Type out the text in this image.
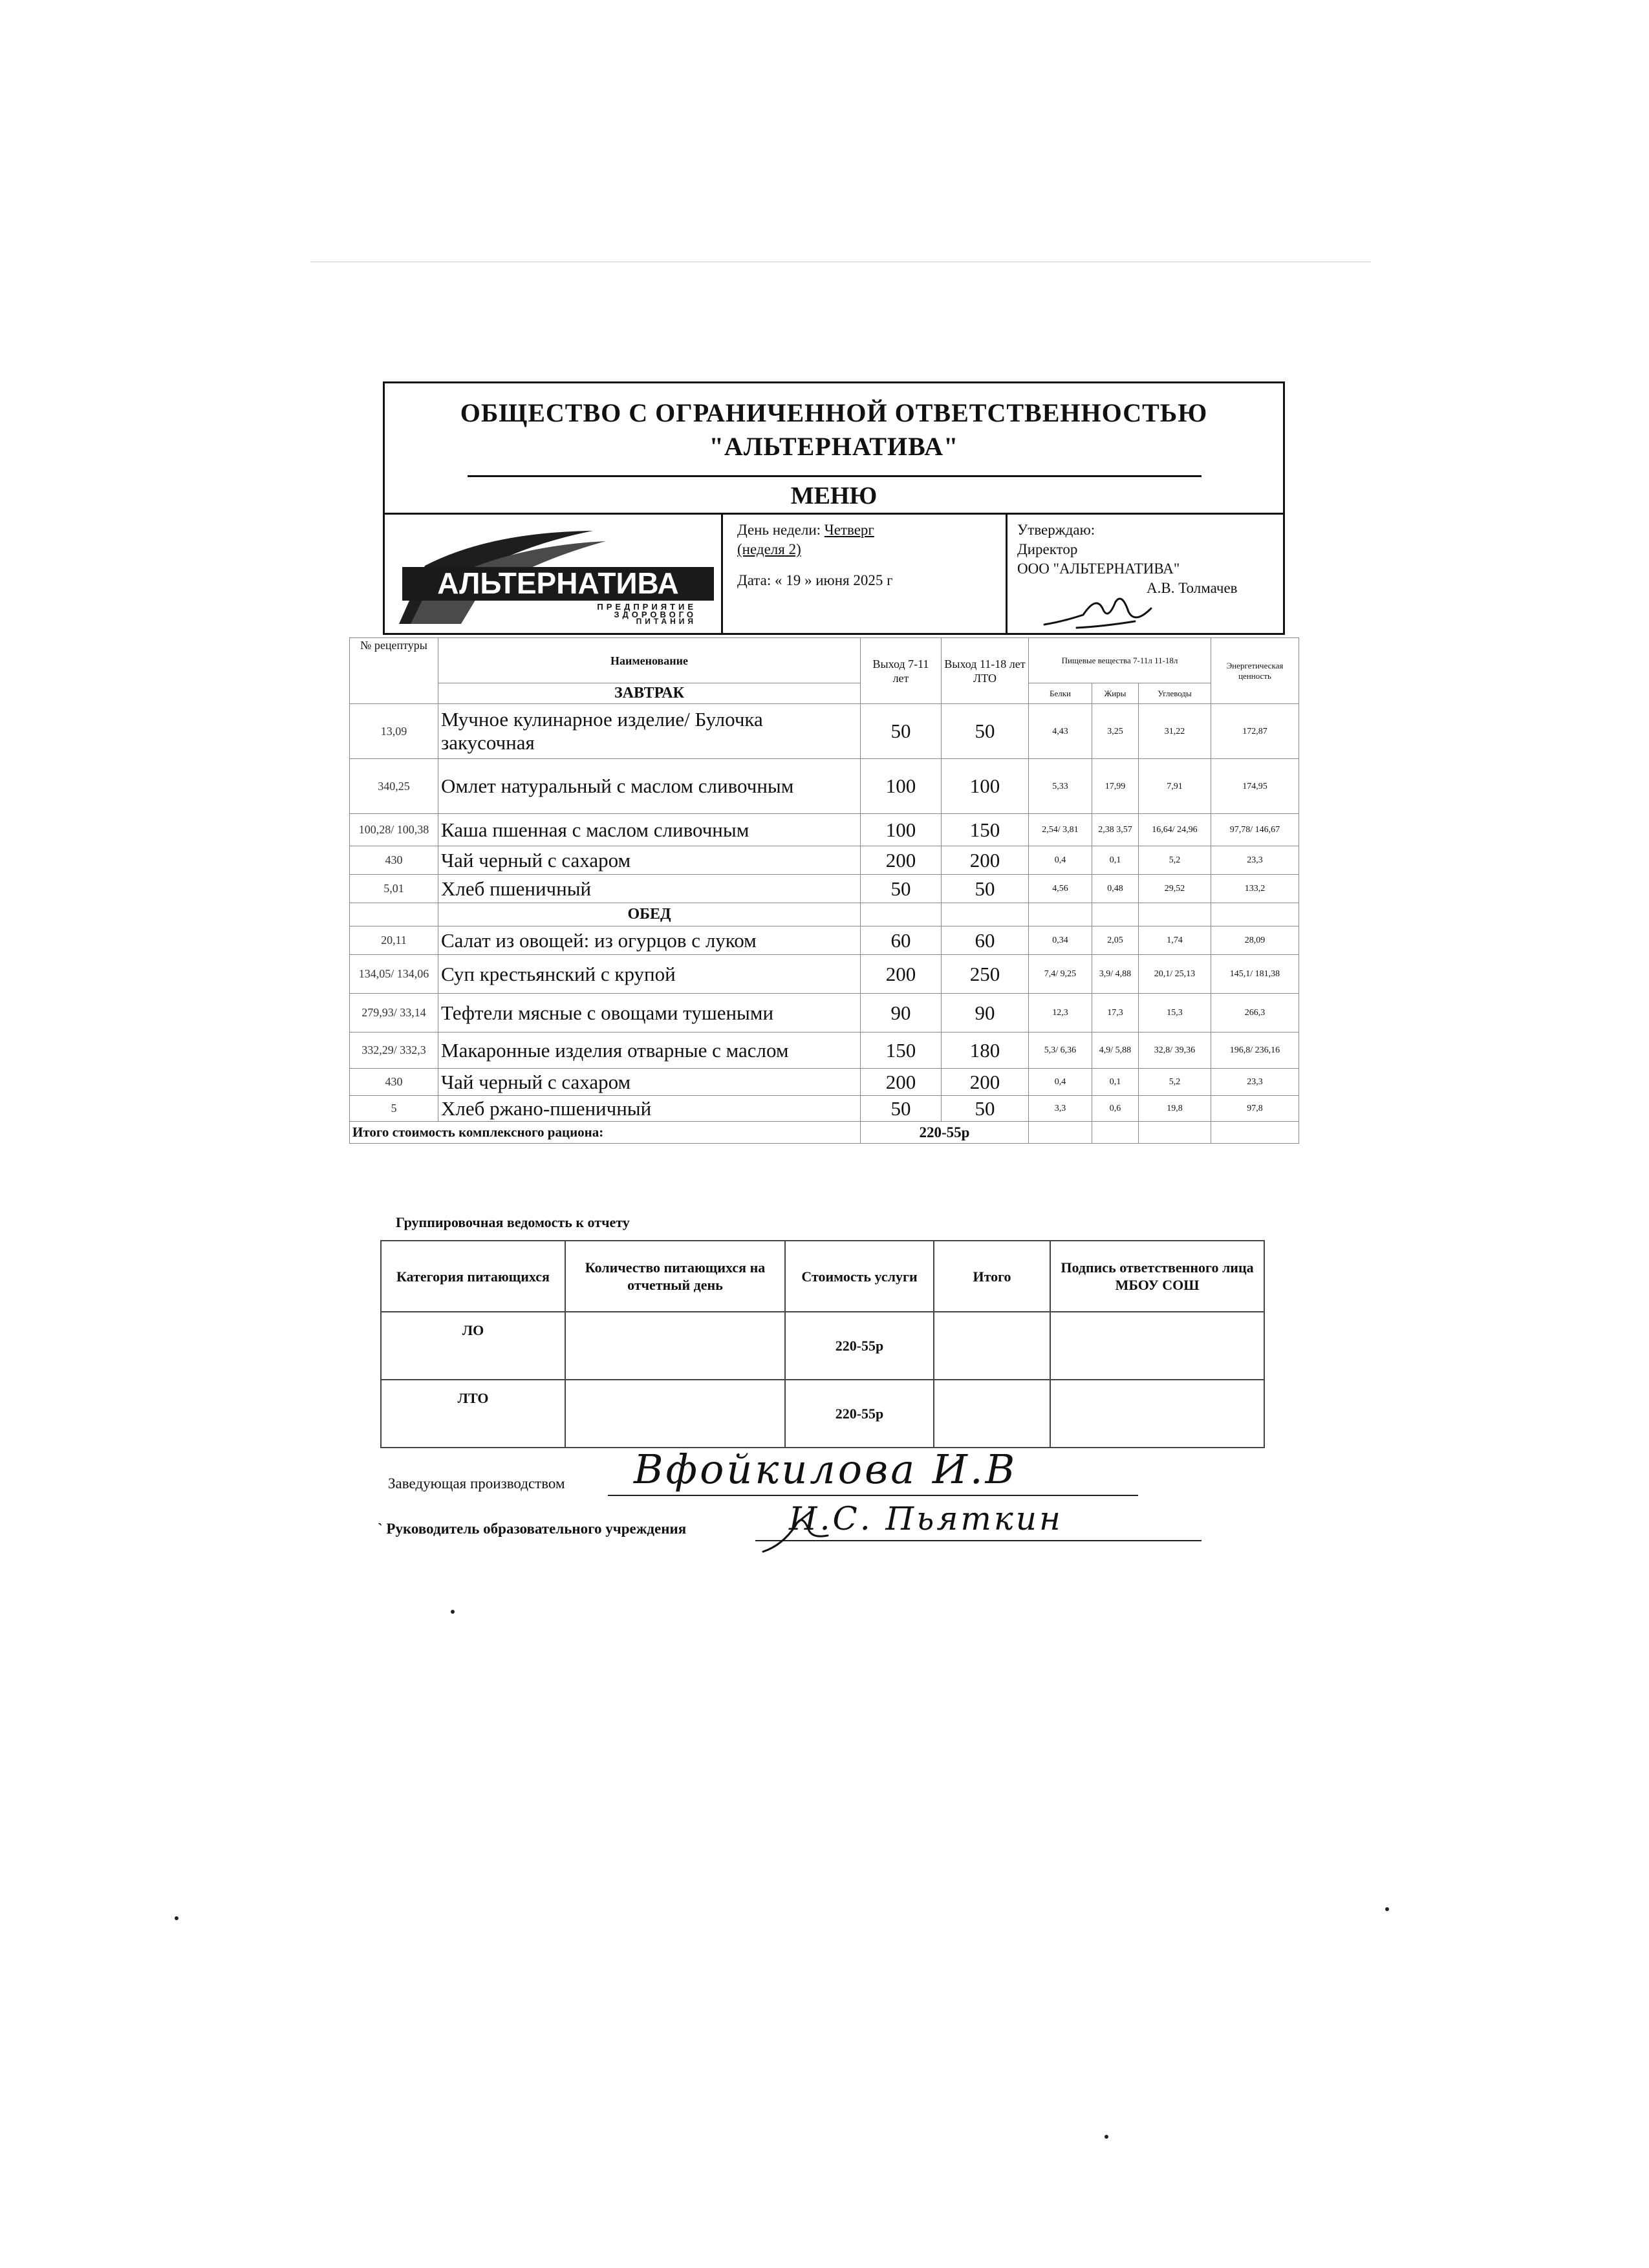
ОБЩЕСТВО С ОГРАНИЧЕННОЙ ОТВЕТСТВЕННОСТЬЮ
"АЛЬТЕРНАТИВА"
МЕНЮ
АЛЬТЕРНАТИВА
ПРЕДПРИЯТИЕ
ЗДОРОВОГО
ПИТАНИЯ
День недели: Четверг
(неделя 2)
Дата: « 19 » июня 2025 г
Утверждаю:
Директор
ООО "АЛЬТЕРНАТИВА"
А.В. Толмачев
№ рецептуры	Наименование	Выход 7-11 лет	Выход 11-18 лет ЛТО	Пищевые вещества 7-11л 11-18л			Энергетическая ценность
	ЗАВТРАК			Белки	Жиры	Углеводы	
13,09	Мучное кулинарное изделие/ Булочка закусочная	50	50	4,43	3,25	31,22	172,87
340,25	Омлет натуральный с маслом сливочным	100	100	5,33	17,99	7,91	174,95
100,28/ 100,38	Каша пшенная с маслом сливочным	100	150	2,54/ 3,81	2,38 3,57	16,64/ 24,96	97,78/ 146,67
430	Чай черный с сахаром	200	200	0,4	0,1	5,2	23,3
5,01	Хлеб пшеничный	50	50	4,56	0,48	29,52	133,2
	ОБЕД						
20,11	Салат из овощей: из огурцов с луком	60	60	0,34	2,05	1,74	28,09
134,05/ 134,06	Суп крестьянский с крупой	200	250	7,4/ 9,25	3,9/ 4,88	20,1/ 25,13	145,1/ 181,38
279,93/ 33,14	Тефтели мясные с овощами тушеными	90	90	12,3	17,3	15,3	266,3
332,29/ 332,3	Макаронные изделия отварные с маслом	150	180	5,3/ 6,36	4,9/ 5,88	32,8/ 39,36	196,8/ 236,16
430	Чай черный с сахаром	200	200	0,4	0,1	5,2	23,3
5	Хлеб ржано-пшеничный	50	50	3,3	0,6	19,8	97,8
Итого стоимость комплексного рациона:		220-55р					
Группировочная ведомость к отчету
Категория питающихся	Количество питающихся на отчетный день	Стоимость услуги	Итого	Подпись ответственного лица МБОУ СОШ
ЛО		220-55р		
ЛТО		220-55р		
Заведующая производством Вфойкилова И.В
` Руководитель образовательного учреждения	И.С. Пьяткин
